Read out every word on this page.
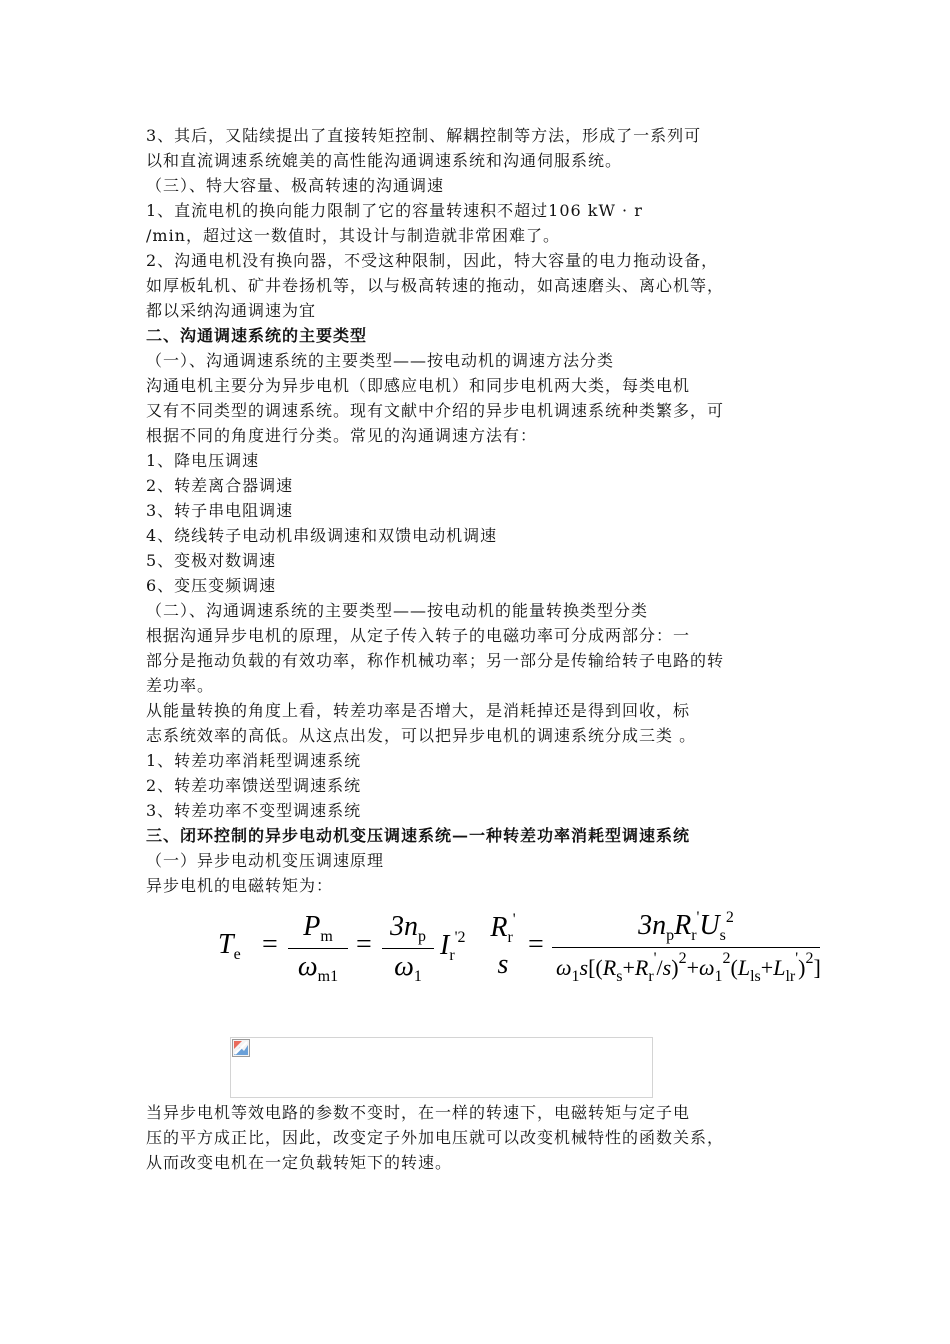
3、其后，又陆续提出了直接转矩控制、解耦控制等方法，形成了一系列可
以和直流调速系统媲美的高性能沟通调速系统和沟通伺服系统。
（三）、特大容量、极高转速的沟通调速
1、直流电机的换向能力限制了它的容量转速积不超过106 kW · r
/min，超过这一数值时，其设计与制造就非常困难了。
2、沟通电机没有换向器，不受这种限制，因此，特大容量的电力拖动设备，
如厚板轧机、矿井卷扬机等，以与极高转速的拖动，如高速磨头、离心机等，
都以采纳沟通调速为宜
二、沟通调速系统的主要类型
（一）、沟通调速系统的主要类型——按电动机的调速方法分类
沟通电机主要分为异步电机（即感应电机）和同步电机两大类，每类电机
又有不同类型的调速系统。现有文献中介绍的异步电机调速系统种类繁多，可
根据不同的角度进行分类。常见的沟通调速方法有：
1、降电压调速
2、转差离合器调速
3、转子串电阻调速
4、绕线转子电动机串级调速和双馈电动机调速
5、变极对数调速
6、变压变频调速
（二）、沟通调速系统的主要类型——按电动机的能量转换类型分类
根据沟通异步电机的原理，从定子传入转子的电磁功率可分成两部分：一
部分是拖动负载的有效功率，称作机械功率；另一部分是传输给转子电路的转
差功率。
从能量转换的角度上看，转差功率是否增大，是消耗掉还是得到回收，标
志系统效率的高低。从这点出发，可以把异步电机的调速系统分成三类 。
1、转差功率消耗型调速系统
2、转差功率馈送型调速系统
3、转差功率不变型调速系统
三、闭环控制的异步电动机变压调速系统—一种转差功率消耗型调速系统
（一）异步电动机变压调速原理
异步电机的电磁转矩为：
$T_e$ =
$P_m$
$\omega_{m1}$
=
$3n_p$
$\omega_1$
$I_r^{'2}$ $R_r'$
s
=
$3n_pR_r'U_s^2$
$\omega_1s[(R_s+R_r'/s)^2+\omega_1^2(L_{ls}+L_{lr}')^2]$
当异步电机等效电路的参数不变时，在一样的转速下，电磁转矩与定子电
压的平方成正比，因此，改变定子外加电压就可以改变机械特性的函数关系，
从而改变电机在一定负载转矩下的转速。
